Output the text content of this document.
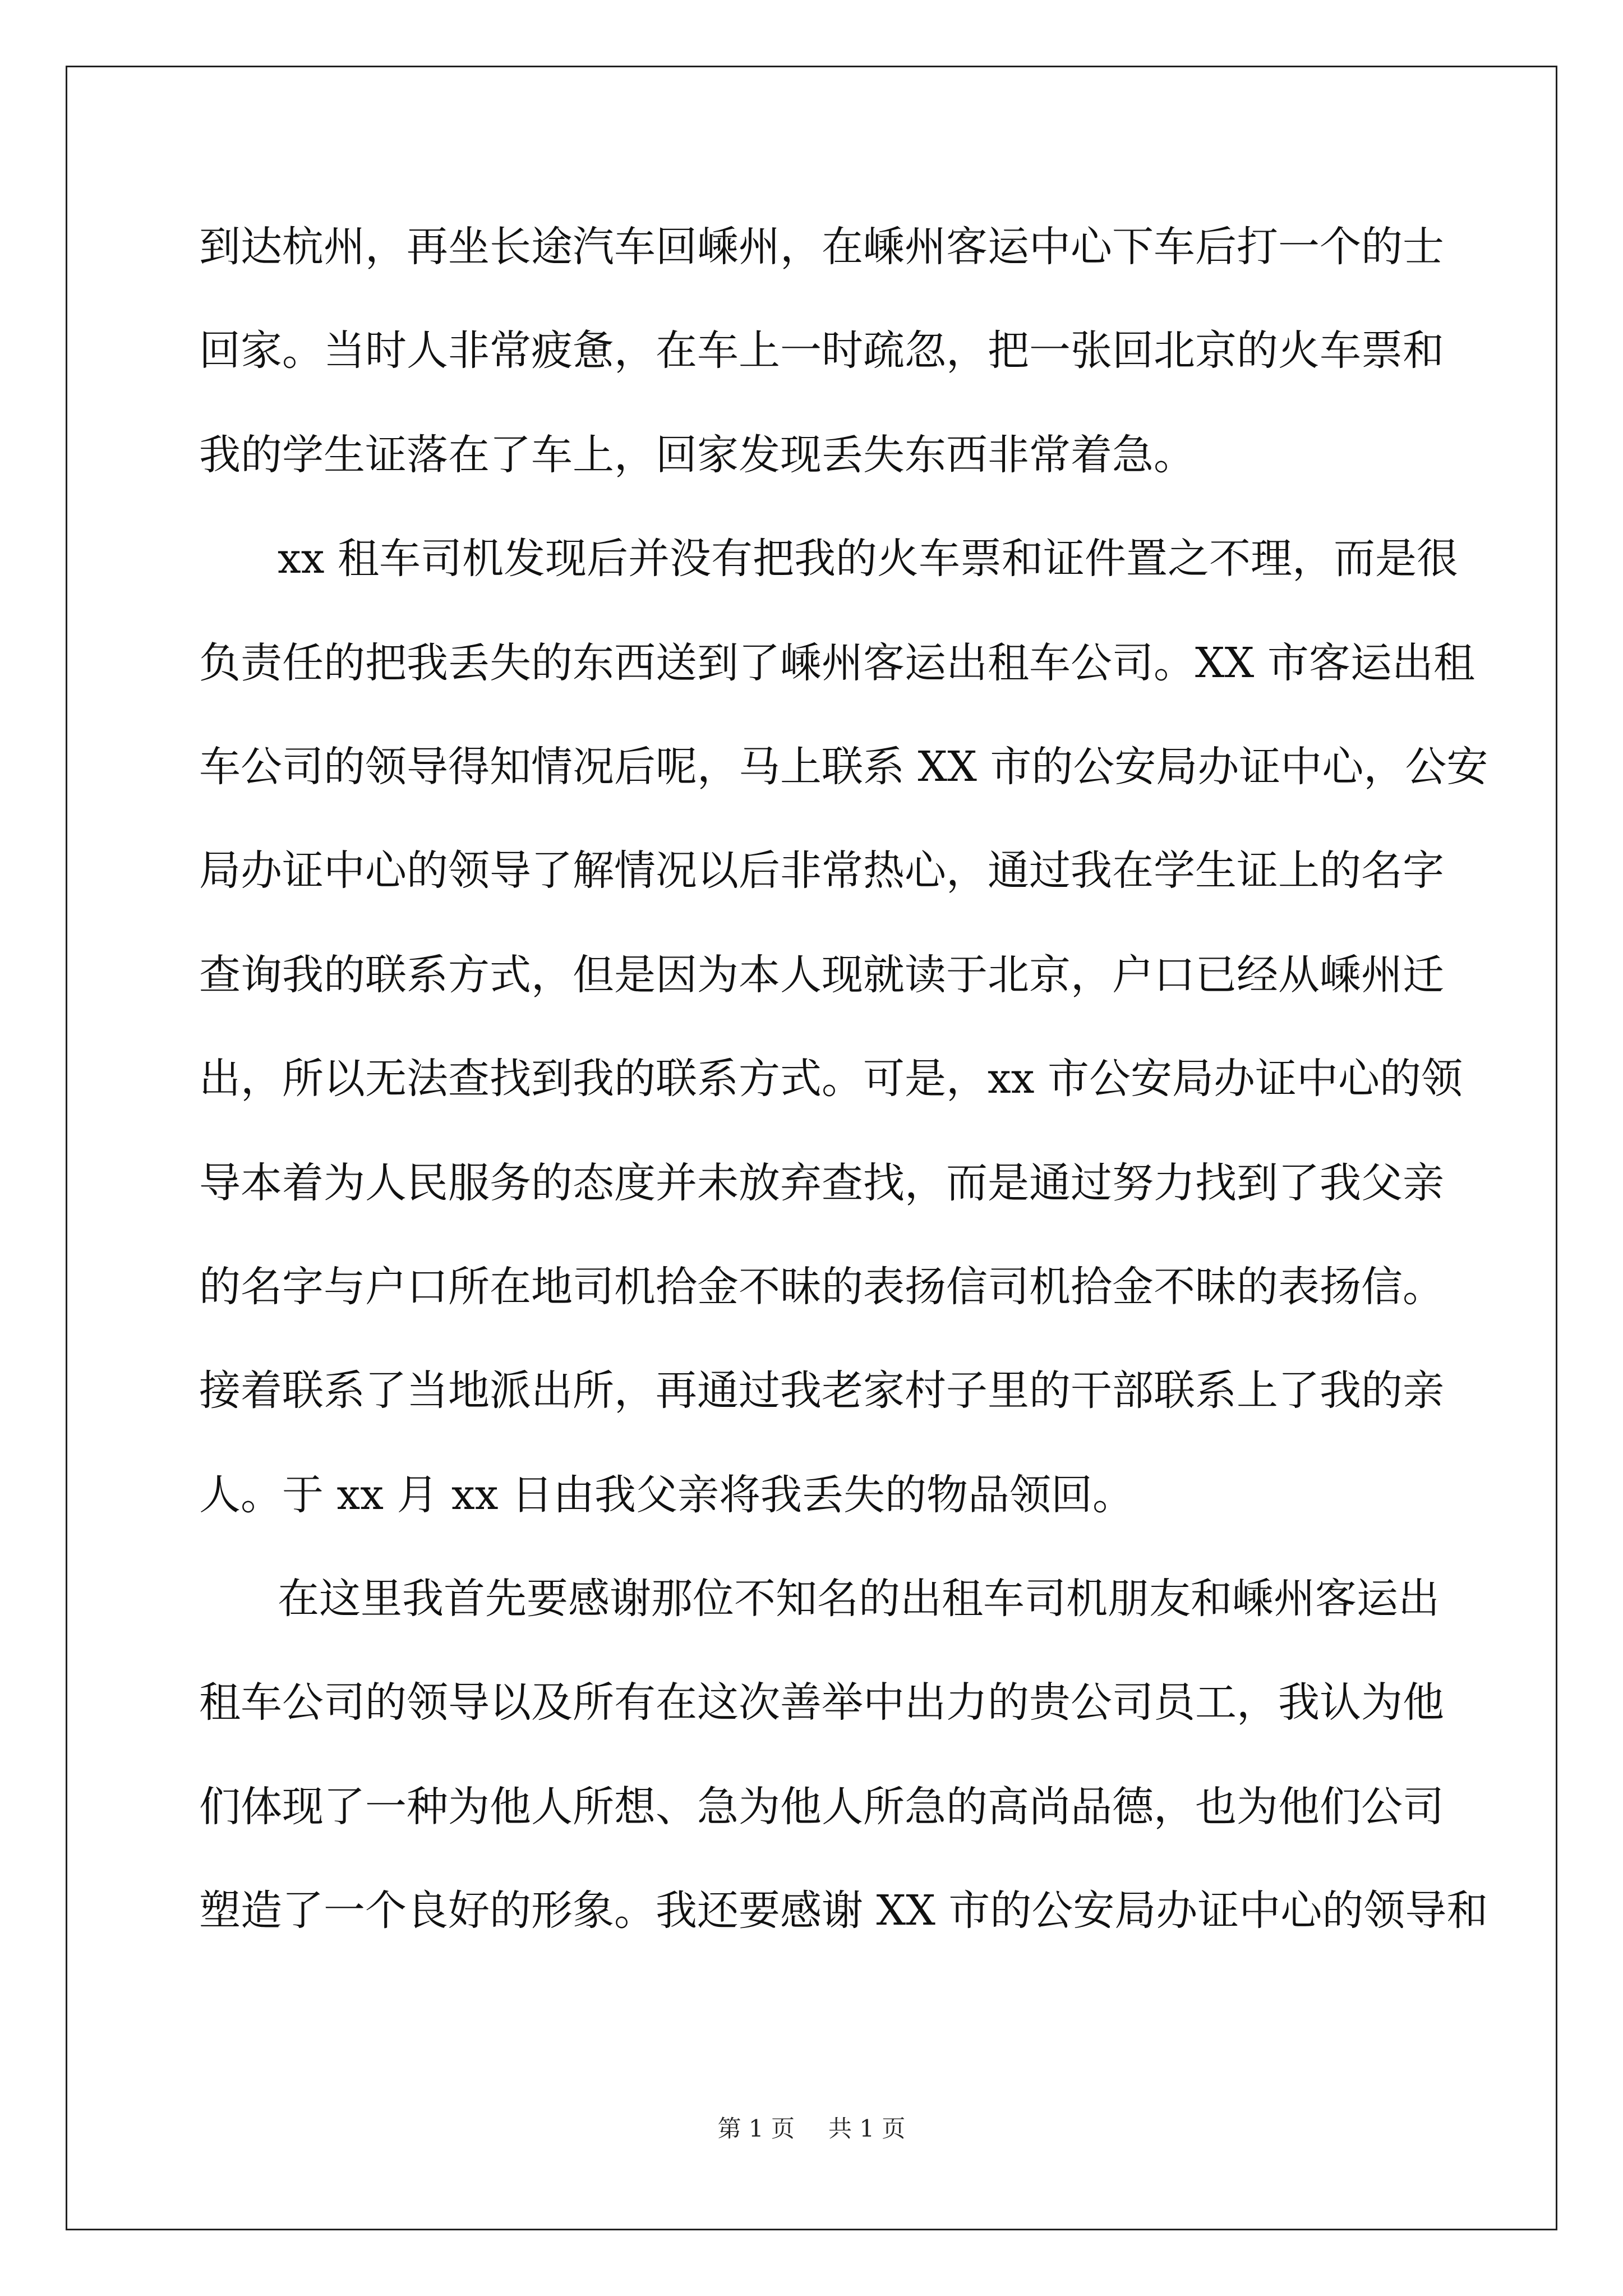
到达杭州，再坐长途汽车回嵊州，在嵊州客运中心下车后打一个的士
回家。当时人非常疲惫，在车上一时疏忽，把一张回北京的火车票和
我的学生证落在了车上，回家发现丢失东西非常着急。
xx 租车司机发现后并没有把我的火车票和证件置之不理，而是很
负责任的把我丢失的东西送到了嵊州客运出租车公司。XX 市客运出租
车公司的领导得知情况后呢，马上联系 XX 市的公安局办证中心，公安
局办证中心的领导了解情况以后非常热心，通过我在学生证上的名字
查询我的联系方式，但是因为本人现就读于北京，户口已经从嵊州迁
出，所以无法查找到我的联系方式。可是，xx 市公安局办证中心的领
导本着为人民服务的态度并未放弃查找，而是通过努力找到了我父亲
的名字与户口所在地司机拾金不昧的表扬信司机拾金不昧的表扬信。
接着联系了当地派出所，再通过我老家村子里的干部联系上了我的亲
人。于 xx 月 xx 日由我父亲将我丢失的物品领回。
在这里我首先要感谢那位不知名的出租车司机朋友和嵊州客运出
租车公司的领导以及所有在这次善举中出力的贵公司员工，我认为他
们体现了一种为他人所想、急为他人所急的高尚品德，也为他们公司
塑造了一个良好的形象。我还要感谢 XX 市的公安局办证中心的领导和
第 1 页 共 1 页
